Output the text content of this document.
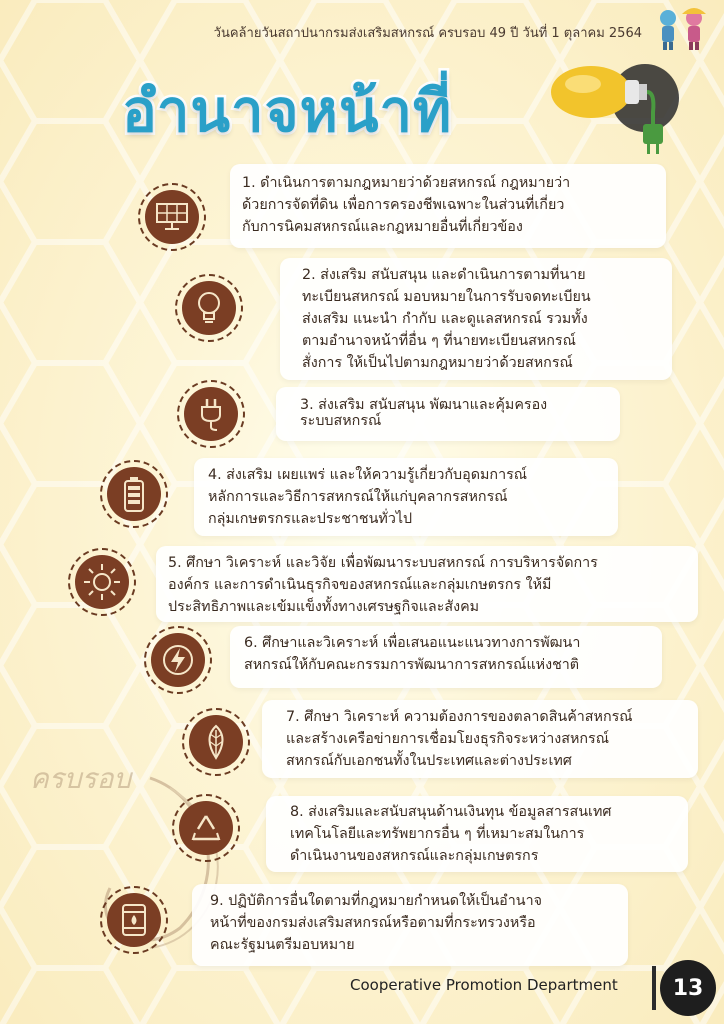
วันคล้ายวันสถาปนากรมส่งเสริมสหกรณ์ ครบรอบ 49 ปี วันที่ 1 ตุลาคม 2564
อำนาจหน้าที่
ครบรอบ
1. ดำเนินการตามกฎหมายว่าด้วยสหกรณ์ กฎหมายว่า
ด้วยการจัดที่ดิน เพื่อการครองชีพเฉพาะในส่วนที่เกี่ยว
กับการนิคมสหกรณ์และกฎหมายอื่นที่เกี่ยวข้อง
2. ส่งเสริม สนับสนุน และดำเนินการตามที่นาย
ทะเบียนสหกรณ์ มอบหมายในการรับจดทะเบียน
ส่งเสริม แนะนำ กำกับ และดูแลสหกรณ์ รวมทั้ง
ตามอำนาจหน้าที่อื่น ๆ ที่นายทะเบียนสหกรณ์
สั่งการ ให้เป็นไปตามกฎหมายว่าด้วยสหกรณ์
3. ส่งเสริม สนับสนุน พัฒนาและคุ้มครอง
ระบบสหกรณ์
4. ส่งเสริม เผยแพร่ และให้ความรู้เกี่ยวกับอุดมการณ์
หลักการและวิธีการสหกรณ์ให้แก่บุคลากรสหกรณ์
กลุ่มเกษตรกรและประชาชนทั่วไป
5. ศึกษา วิเคราะห์ และวิจัย เพื่อพัฒนาระบบสหกรณ์ การบริหารจัดการ
องค์กร และการดำเนินธุรกิจของสหกรณ์และกลุ่มเกษตรกร ให้มี
ประสิทธิภาพและเข้มแข็งทั้งทางเศรษฐกิจและสังคม
6. ศึกษาและวิเคราะห์ เพื่อเสนอแนะแนวทางการพัฒนา
สหกรณ์ให้กับคณะกรรมการพัฒนาการสหกรณ์แห่งชาติ
7. ศึกษา วิเคราะห์ ความต้องการของตลาดสินค้าสหกรณ์
และสร้างเครือข่ายการเชื่อมโยงธุรกิจระหว่างสหกรณ์
สหกรณ์กับเอกชนทั้งในประเทศและต่างประเทศ
8. ส่งเสริมและสนับสนุนด้านเงินทุน ข้อมูลสารสนเทศ
เทคโนโลยีและทรัพยากรอื่น ๆ ที่เหมาะสมในการ
ดำเนินงานของสหกรณ์และกลุ่มเกษตรกร
9. ปฏิบัติการอื่นใดตามที่กฎหมายกำหนดให้เป็นอำนาจ
หน้าที่ของกรมส่งเสริมสหกรณ์หรือตามที่กระทรวงหรือ
คณะรัฐมนตรีมอบหมาย
Cooperative Promotion Department	13
